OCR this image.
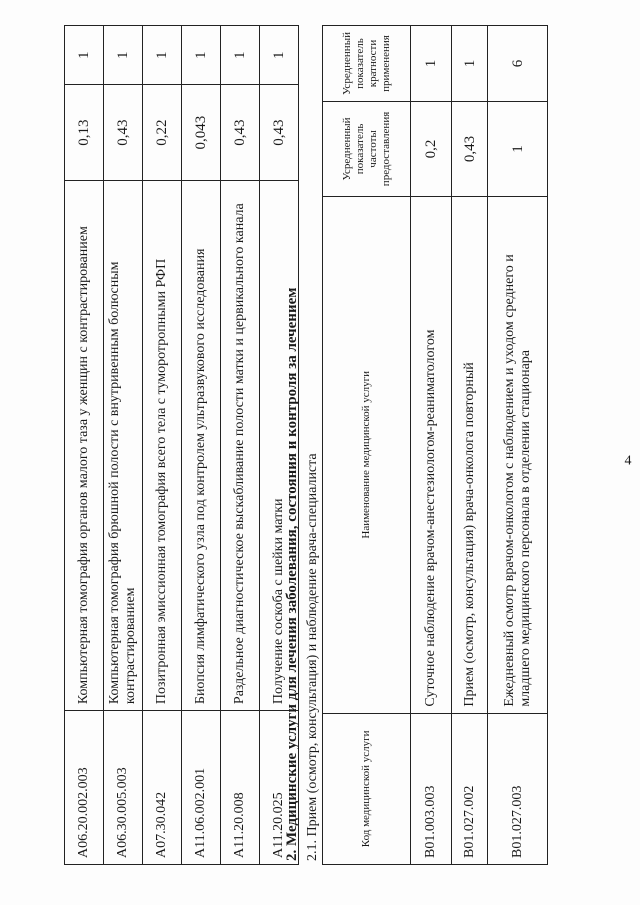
4
A06.20.002.003	Компьютерная томография органов малого таза у женщин с контрастированием	0,13	1
A06.30.005.003	Компьютерная томография брюшной полости с внутривенным болюсным контрастированием	0,43	1
A07.30.042	Позитронная эмиссионная томография всего тела с туморотропными РФП	0,22	1
A11.06.002.001	Биопсия лимфатического узла под контролем ультразвукового исследования	0,043	1
A11.20.008	Раздельное диагностическое выскабливание полости матки и цервикального канала	0,43	1
A11.20.025	Получение соскоба с шейки матки	0,43	1
2. Медицинские услуги для лечения заболевания, состояния и контроля за лечением 2.1. Прием (осмотр, консультация) и наблюдение врача-специалиста	Код медицинской услуги	Наименование медицинской услуги	Усредненный показатель частоты предоставления	Усредненный показатель кратности применения
B01.003.003	Суточное наблюдение врачом-анестезиологом-реаниматологом	0,2	1
B01.027.002	Прием (осмотр, консультация) врача-онколога повторный	0,43	1
B01.027.003	Ежедневный осмотр врачом-онкологом с наблюдением и уходом среднего и младшего медицинского персонала в отделении стационара	1	6
